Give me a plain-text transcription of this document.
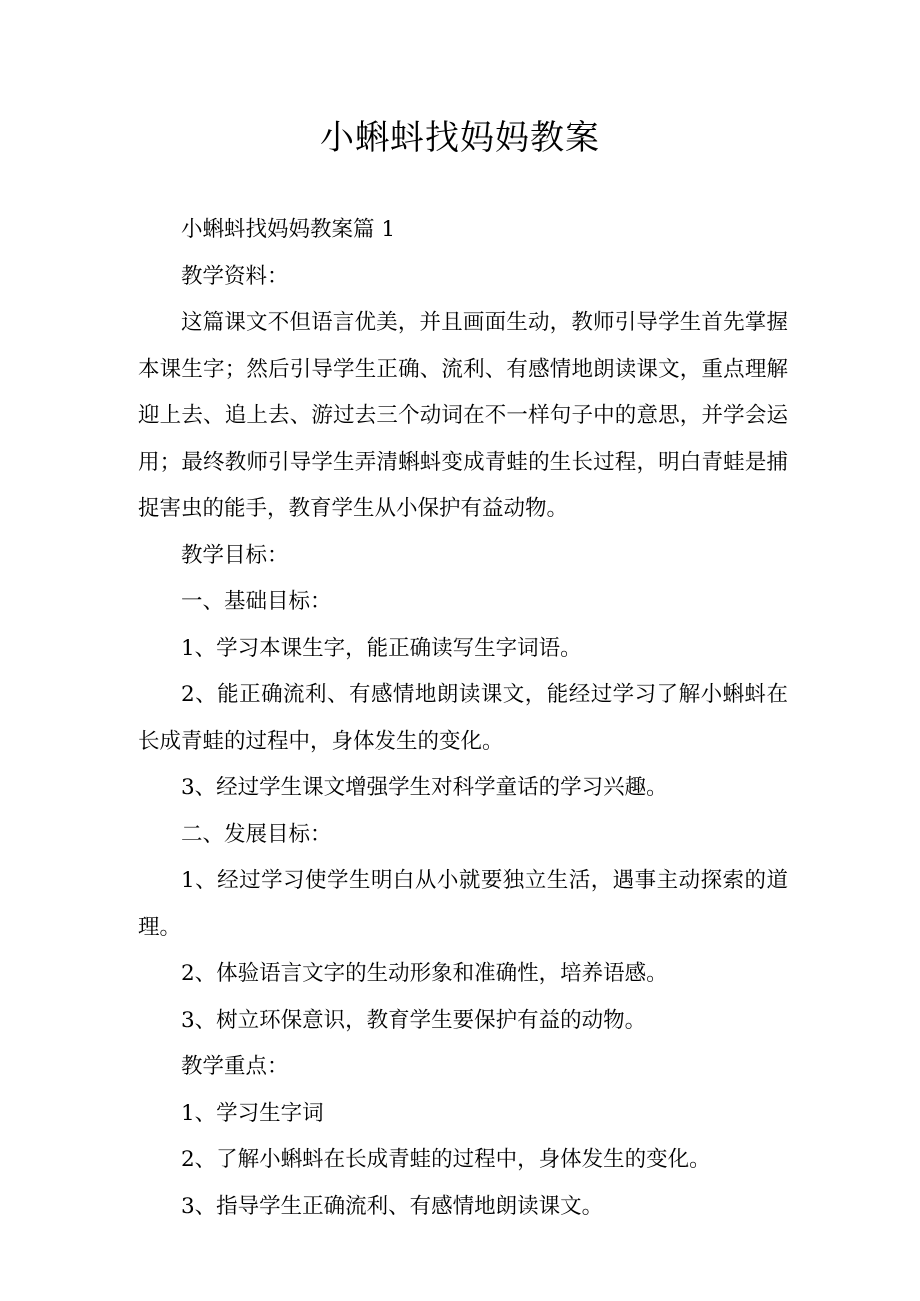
小蝌蚪找妈妈教案

小蝌蚪找妈妈教案篇 1

教学资料：

这篇课文不但语言优美，并且画面生动，教师引导学生首先掌握本课生字；然后引导学生正确、流利、有感情地朗读课文，重点理解迎上去、追上去、游过去三个动词在不一样句子中的意思，并学会运用；最终教师引导学生弄清蝌蚪变成青蛙的生长过程，明白青蛙是捕捉害虫的能手，教育学生从小保护有益动物。

教学目标：

一、基础目标：

1、学习本课生字，能正确读写生字词语。

2、能正确流利、有感情地朗读课文，能经过学习了解小蝌蚪在长成青蛙的过程中，身体发生的变化。

3、经过学生课文增强学生对科学童话的学习兴趣。

二、发展目标：

1、经过学习使学生明白从小就要独立生活，遇事主动探索的道理。

2、体验语言文字的生动形象和准确性，培养语感。

3、树立环保意识，教育学生要保护有益的动物。

教学重点：

1、学习生字词

2、了解小蝌蚪在长成青蛙的过程中，身体发生的变化。

3、指导学生正确流利、有感情地朗读课文。
